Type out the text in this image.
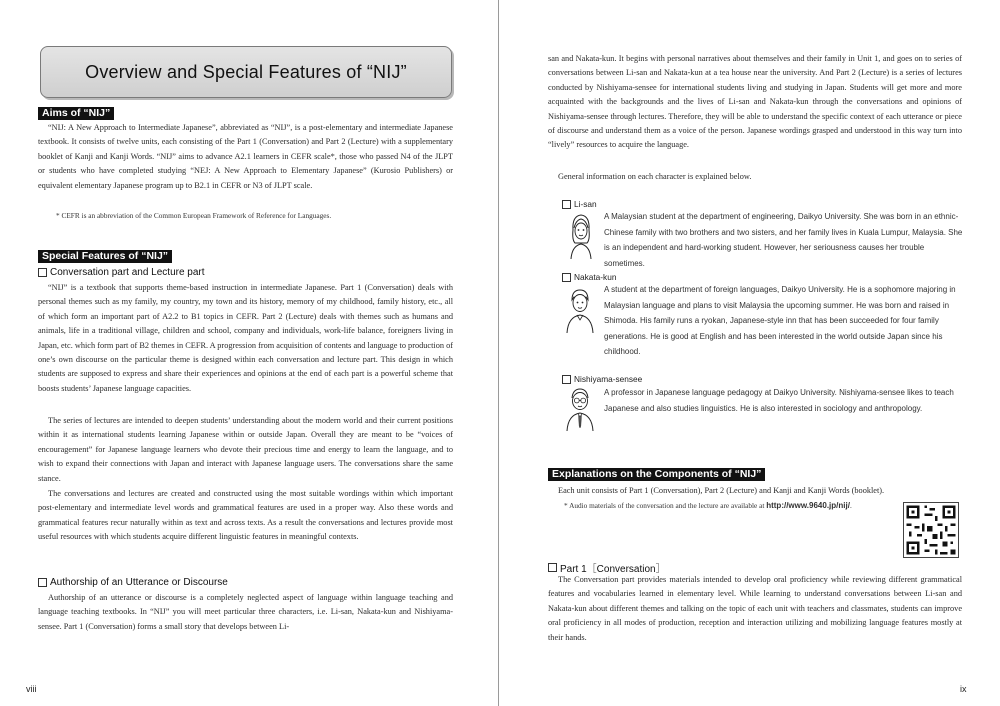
Overview and Special Features of “NIJ”
Aims of “NIJ”

“NIJ: A New Approach to Intermediate Japanese”, abbreviated as “NIJ”, is a post-elementary and intermediate Japanese textbook. It consists of twelve units, each consisting of the Part 1 (Conversation) and Part 2 (Lecture) with a supplementary booklet of Kanji and Kanji Words. “NIJ” aims to advance A2.1 learners in CEFR scale*, those who passed N4 of the JLPT or students who have completed studying “NEJ: A New Approach to Elementary Japanese” (Kurosio Publishers) or equivalent elementary Japanese program up to B2.1 in CEFR or N3 of JLPT scale.

* CEFR is an abbreviation of the Common European Framework of Reference for Languages.
Special Features of “NIJ”
Conversation part and Lecture part

“NIJ” is a textbook that supports theme-based instruction in intermediate Japanese. Part 1 (Conversation) deals with personal themes such as my family, my country, my town and its history, memory of my childhood, family history, etc., all of which form an important part of A2.2 to B1 topics in CEFR. Part 2 (Lecture) deals with themes such as humans and animals, life in a traditional village, children and school, company and individuals, work-life balance, foreigners living in Japan, etc. which form part of B2 themes in CEFR. A progression from acquisition of contents and language to production of one’s own discourse on the particular theme is designed within each conversation and lecture part. This design in which students are supposed to express and share their experiences and opinions at the end of each part is a powerful scheme that boosts students’ Japanese language capacities.

The series of lectures are intended to deepen students’ understanding about the modern world and their current positions within it as international students learning Japanese within or outside Japan. Overall they are meant to be “voices of encouragement” for Japanese language learners who devote their precious time and energy to learn the language, and to wish to expand their connections with Japan and interact with Japanese language users. The conversations share the same stance.

The conversations and lectures are created and constructed using the most suitable wordings within which important post-elementary and intermediate level words and grammatical features are used in a proper way. Also these words and grammatical features recur naturally within as text and across texts. As a result the conversations and lectures provide most useful resources with which students acquire different linguistic features in meaningful contexts.

Authorship of an Utterance or Discourse

Authorship of an utterance or discourse is a completely neglected aspect of language within language teaching and language teaching textbooks. In “NIJ” you will meet particular three characters, i.e. Li-san, Nakata-kun and Nishiyama-sensee. Part 1 (Conversation) forms a small story that develops between Li-

viii

san and Nakata-kun. It begins with personal narratives about themselves and their family in Unit 1, and goes on to series of conversations between Li-san and Nakata-kun at a tea house near the university. And Part 2 (Lecture) is a series of lectures conducted by Nishiyama-sensee for international students living and studying in Japan. Students will get more and more acquainted with the backgrounds and the lives of Li-san and Nakata-kun through the conversations and opinions of Nishiyama-sensee through lectures. Therefore, they will be able to understand the specific context of each utterance or piece of discourse and understand them as a voice of the person. Japanese wordings grasped and understood in this way turn into “lively” resources to acquire the language.

General information on each character is explained below.

Li-san
A Malaysian student at the department of engineering, Daikyo University. She was born in an ethnic-Chinese family with two brothers and two sisters, and her family lives in Kuala Lumpur, Malaysia. She is an independent and hard-working student. However, her seriousness causes her trouble sometimes.
Nakata-kun
A student at the department of foreign languages, Daikyo University. He is a sophomore majoring in Malaysian language and plans to visit Malaysia the upcoming summer. He was born and raised in Shimoda. His family runs a ryokan, Japanese-style inn that has been succeeded for four family generations. He is good at English and has been interested in the world outside Japan since his childhood.
Nishiyama-sensee
A professor in Japanese language pedagogy at Daikyo University. Nishiyama-sensee likes to teach Japanese and also studies linguistics. He is also interested in sociology and anthropology.
Explanations on the Components of “NIJ”

Each unit consists of Part 1 (Conversation), Part 2 (Lecture) and Kanji and Kanji Words (booklet).

* Audio materials of the conversation and the lecture are available at http://www.9640.jp/nij/.
Part 1［Conversation］

The Conversation part provides materials intended to develop oral proficiency while reviewing different grammatical features and vocabularies learned in elementary level. While learning to understand conversations between Li-san and Nakata-kun about different themes and talking on the topic of each unit with teachers and classmates, students can improve oral proficiency in all modes of production, reception and interaction utilizing and mobilizing language features mostly at their hands.

ix
